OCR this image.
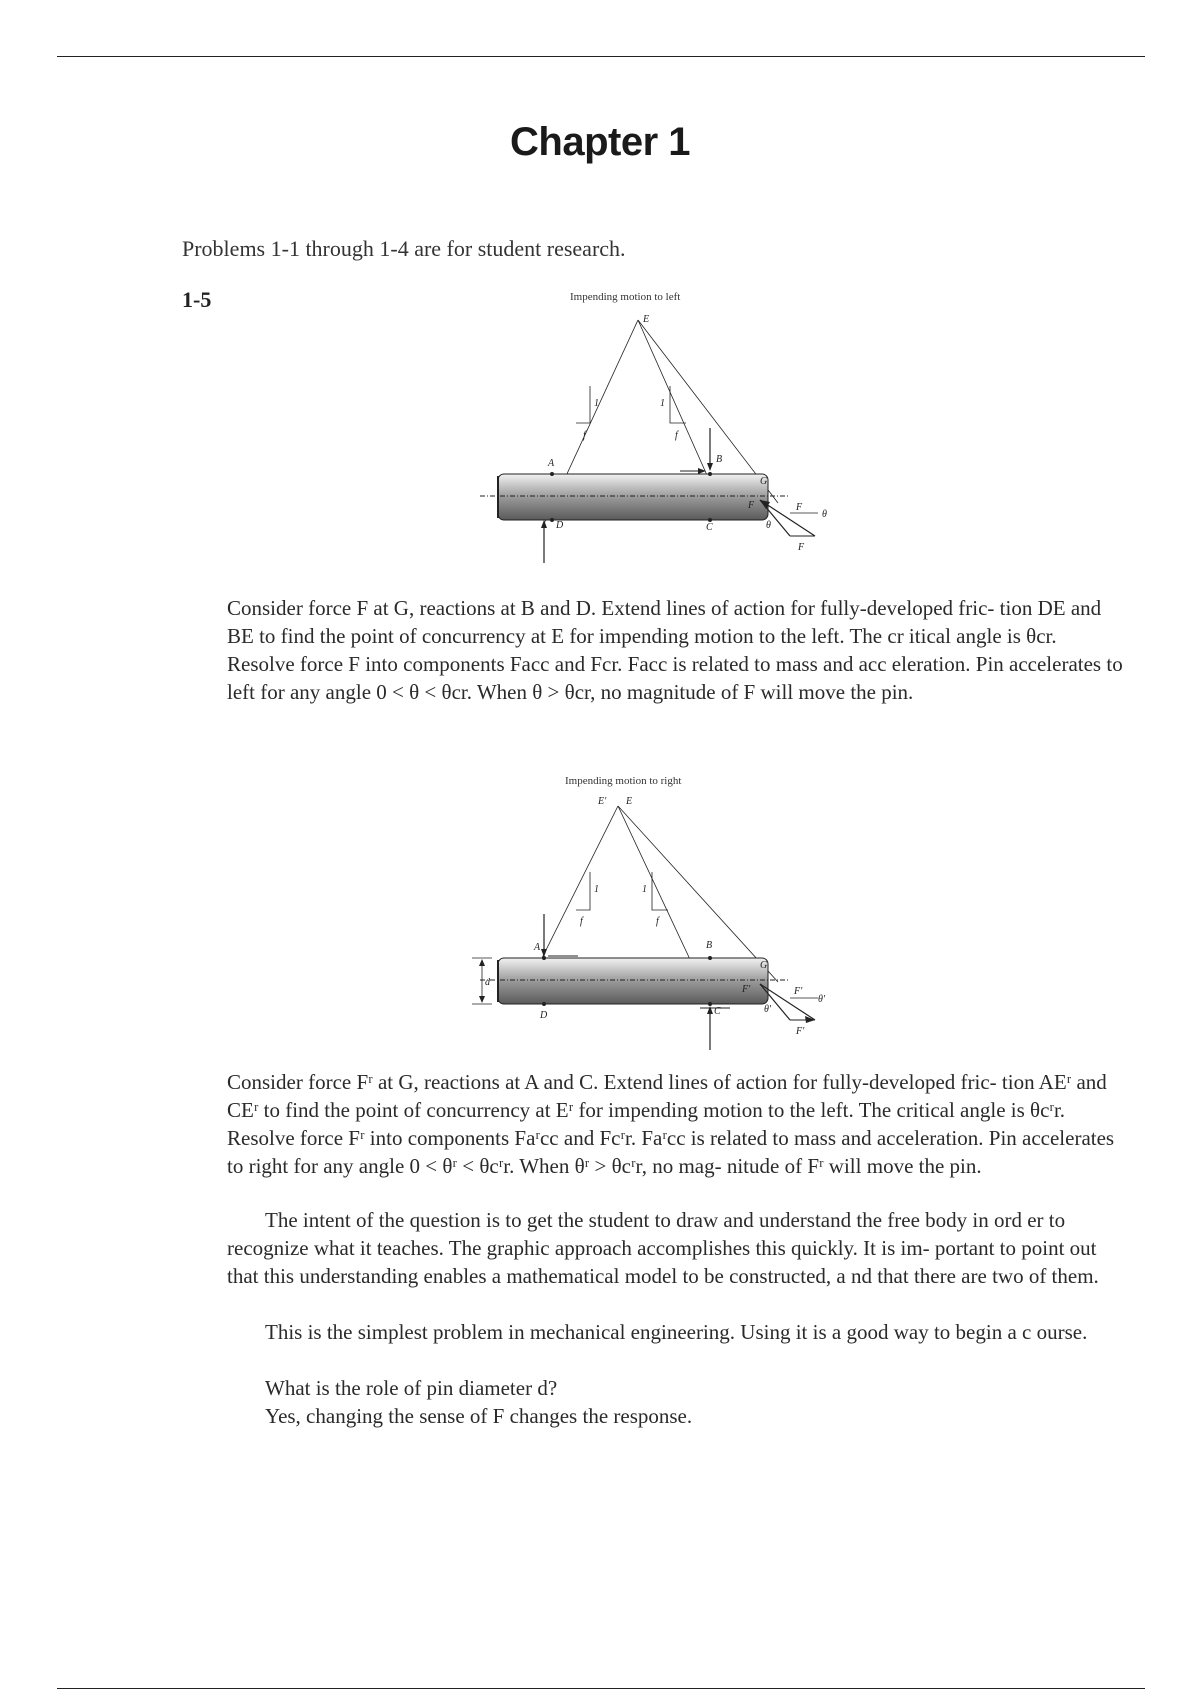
Chapter 1
Problems 1-1 through 1-4 are for student research.
1-5	Impending motion to left
1
f
1
f
E
A	B
G
D	C
F
θ
F
θ
F
Consider force F at G, reactions at B and D. Extend lines of action for fully-developed fric- tion DE and BE to find the point of concurrency at E for impending motion to the left. The cr itical angle is θcr. Resolve force F into components Facc and Fcr. Facc is related to mass and acc eleration. Pin accelerates to left for any angle 0 < θ < θcr. When θ > θcr, no magnitude of F will move the pin.
Impending motion to right
1
f
1
f
d
E' E
A	B
G
D	C
F'
θ'
F'
θ'
F'
Consider force Fʳ at G, reactions at A and C. Extend lines of action for fully-developed fric- tion AEʳ and CEʳ to find the point of concurrency at Eʳ for impending motion to the left. The critical angle is θcʳr. Resolve force Fʳ into components Faʳcc and Fcʳr. Faʳcc is related to mass and acceleration. Pin accelerates to right for any angle 0 < θʳ < θcʳr. When θʳ > θcʳr, no mag- nitude of Fʳ will move the pin.
The intent of the question is to get the student to draw and understand the free body in ord er to recognize what it teaches. The graphic approach accomplishes this quickly. It is im- portant to point out that this understanding enables a mathematical model to be constructed, a nd that there are two of them.
This is the simplest problem in mechanical engineering. Using it is a good way to begin a c ourse.
What is the role of pin diameter d?
Yes, changing the sense of F changes the response.
